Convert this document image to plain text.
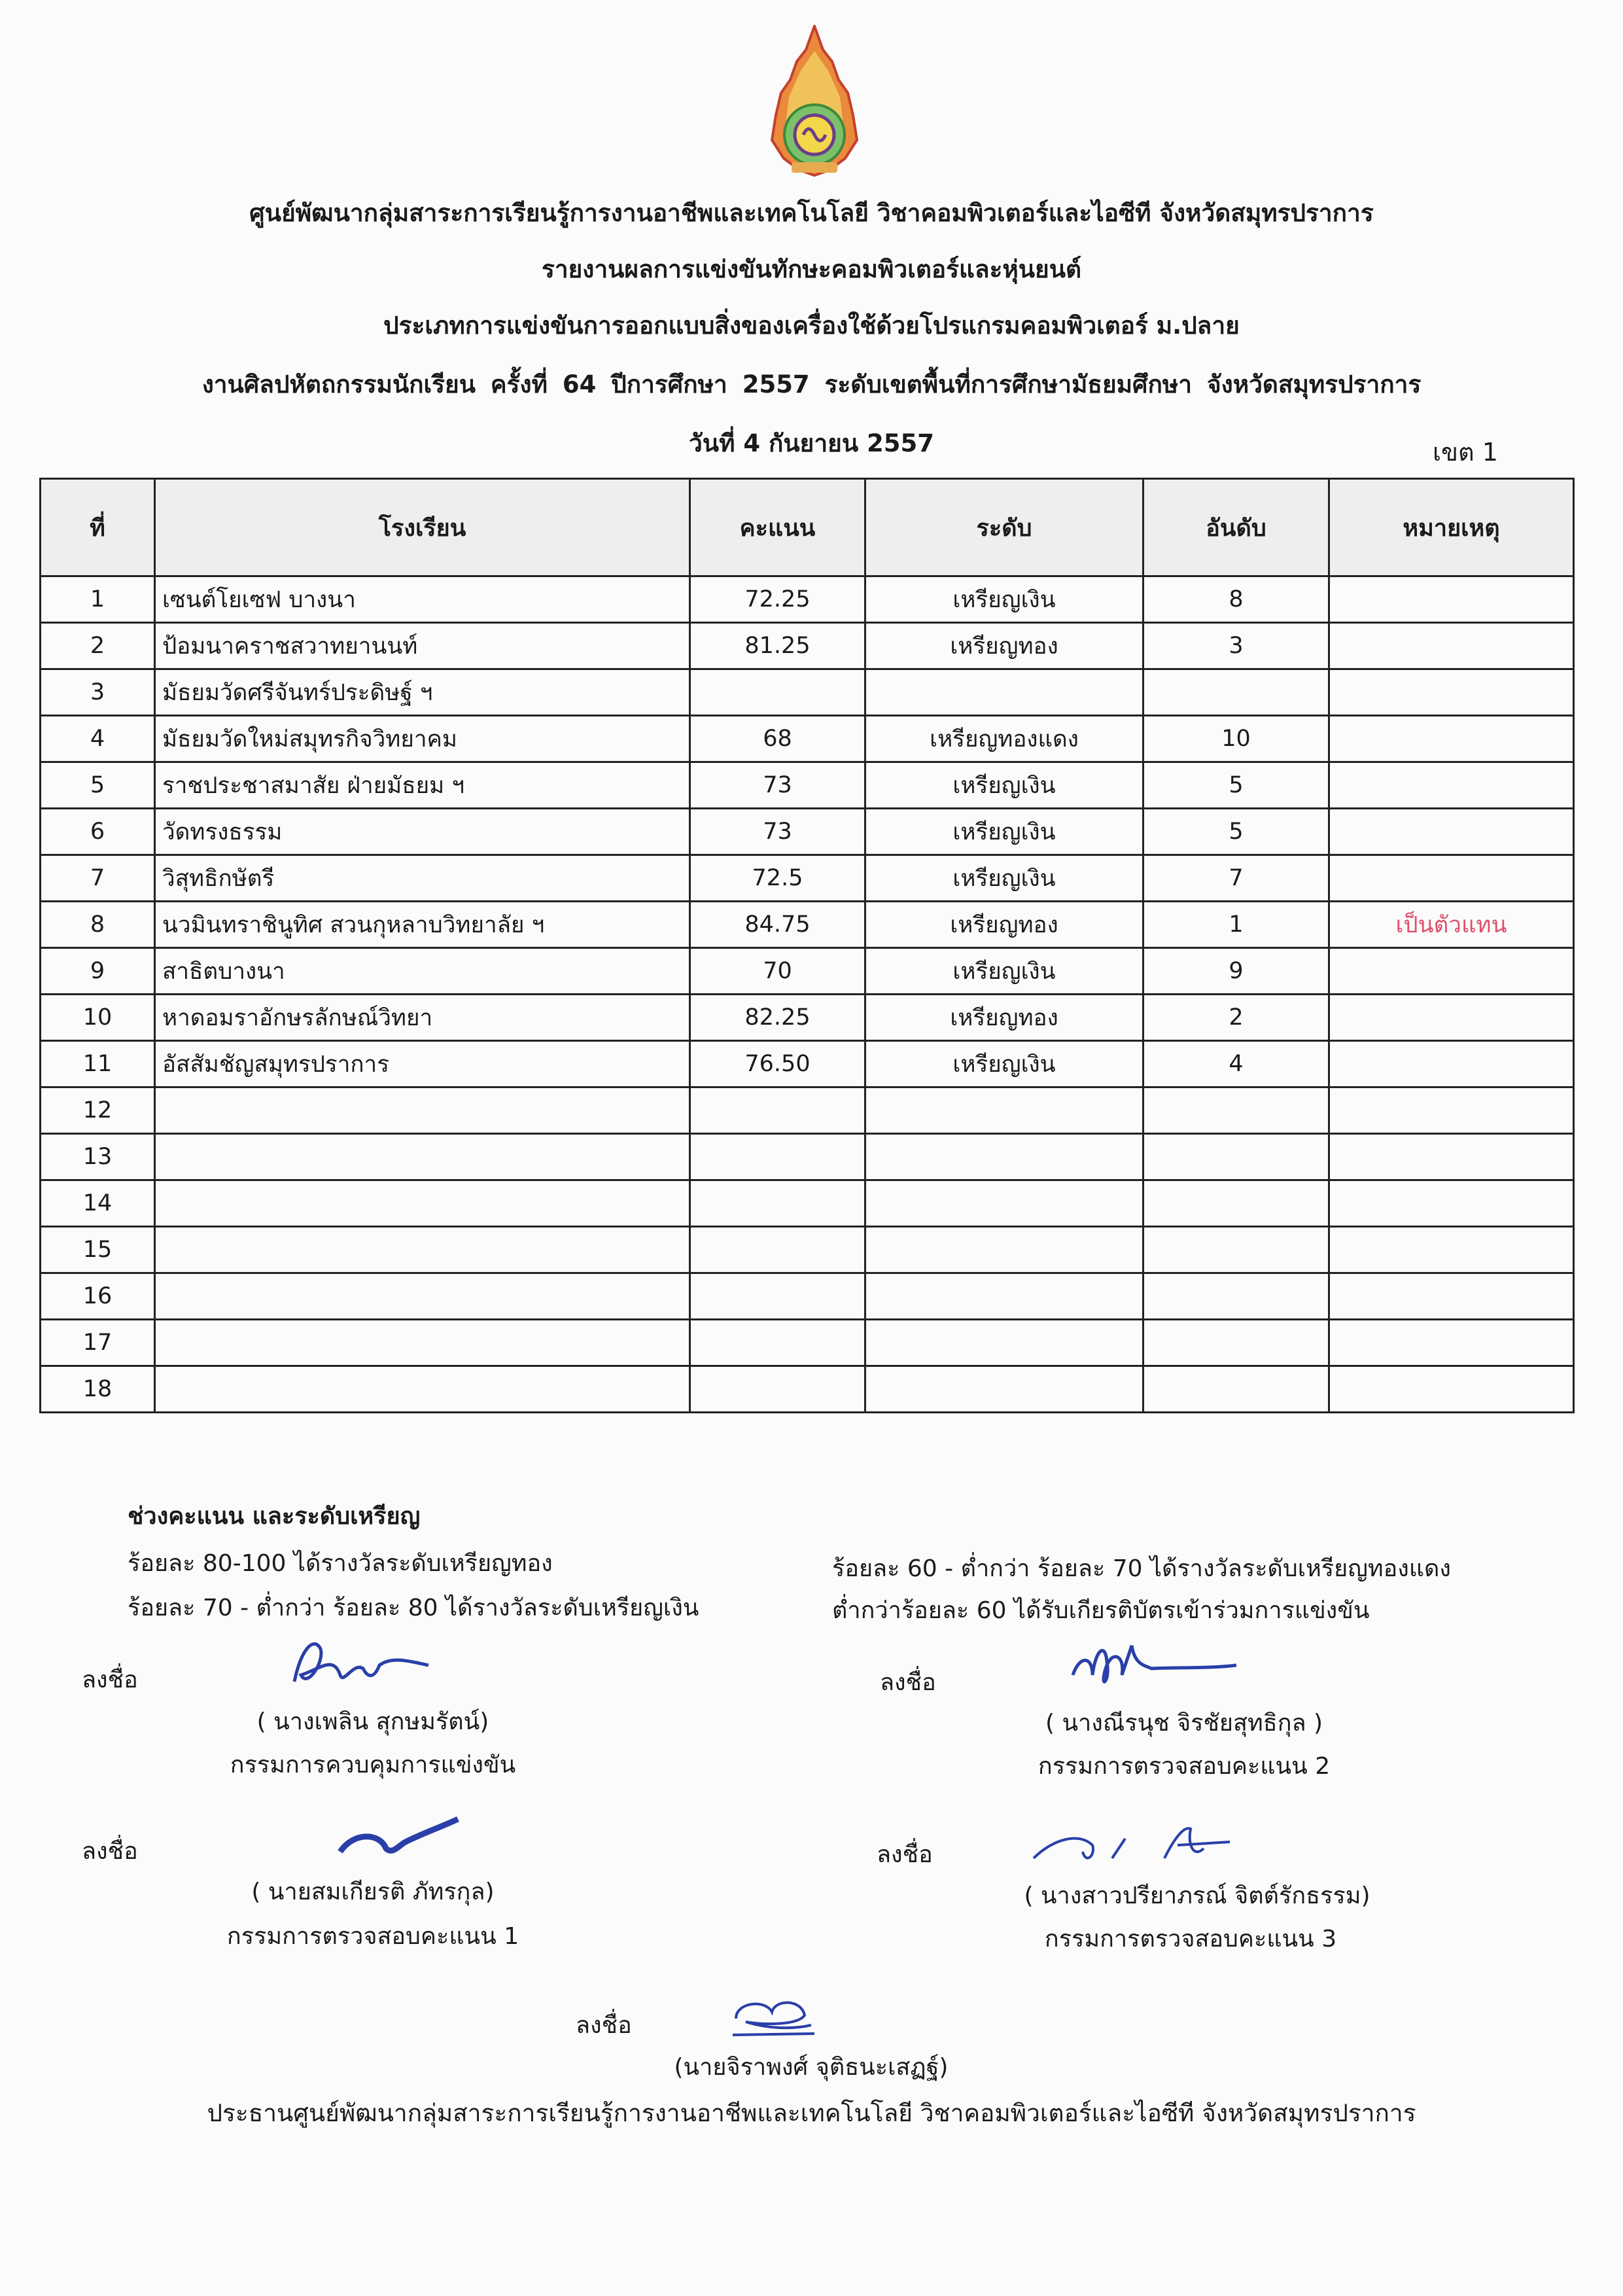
ศูนย์พัฒนากลุ่มสาระการเรียนรู้การงานอาชีพและเทคโนโลยี วิชาคอมพิวเตอร์และไอซีที จังหวัดสมุทรปราการ
รายงานผลการแข่งขันทักษะคอมพิวเตอร์และหุ่นยนต์
ประเภทการแข่งขันการออกแบบสิ่งของเครื่องใช้ด้วยโปรแกรมคอมพิวเตอร์ ม.ปลาย
งานศิลปหัตถกรรมนักเรียน ครั้งที่ 64 ปีการศึกษา 2557 ระดับเขตพื้นที่การศึกษามัธยมศึกษา จังหวัดสมุทรปราการ
วันที่ 4 กันยายน 2557	เขต 1
ที่	โรงเรียน	คะแนน	ระดับ	อันดับ	หมายเหตุ
1	เซนต์โยเซฟ บางนา	72.25	เหรียญเงิน	8	
2	ป้อมนาคราชสวาทยานนท์	81.25	เหรียญทอง	3	
3	มัธยมวัดศรีจันทร์ประดิษฐ์ ฯ				
4	มัธยมวัดใหม่สมุทรกิจวิทยาคม	68	เหรียญทองแดง	10	
5	ราชประชาสมาสัย ฝ่ายมัธยม ฯ	73	เหรียญเงิน	5	
6	วัดทรงธรรม	73	เหรียญเงิน	5	
7	วิสุทธิกษัตรี	72.5	เหรียญเงิน	7	
8	นวมินทราชินูทิศ สวนกุหลาบวิทยาลัย ฯ	84.75	เหรียญทอง	1	เป็นตัวแทน
9	สาธิตบางนา	70	เหรียญเงิน	9	
10	หาดอมราอักษรลักษณ์วิทยา	82.25	เหรียญทอง	2	
11	อัสสัมชัญสมุทรปราการ	76.50	เหรียญเงิน	4	
12					
13					
14					
15					
16					
17					
18					
ช่วงคะแนน และระดับเหรียญ
ร้อยละ 80-100 ได้รางวัลระดับเหรียญทอง
ร้อยละ 70 - ต่ำกว่า ร้อยละ 80 ได้รางวัลระดับเหรียญเงิน
ร้อยละ 60 - ต่ำกว่า ร้อยละ 70 ได้รางวัลระดับเหรียญทองแดง
ต่ำกว่าร้อยละ 60 ได้รับเกียรติบัตรเข้าร่วมการแข่งขัน
ลงชื่อ
( นางเพลิน สุกษมรัตน์)
กรรมการควบคุมการแข่งขัน
ลงชื่อ
( นางณีรนุช จิรชัยสุทธิกุล )
กรรมการตรวจสอบคะแนน 2
ลงชื่อ
( นายสมเกียรติ ภัทรกุล)
กรรมการตรวจสอบคะแนน 1
ลงชื่อ
( นางสาวปรียาภรณ์ จิตต์รักธรรม)
กรรมการตรวจสอบคะแนน 3
ลงชื่อ
(นายจิราพงศ์ จุติธนะเสฏฐ์)
ประธานศูนย์พัฒนากลุ่มสาระการเรียนรู้การงานอาชีพและเทคโนโลยี วิชาคอมพิวเตอร์และไอซีที จังหวัดสมุทรปราการ
